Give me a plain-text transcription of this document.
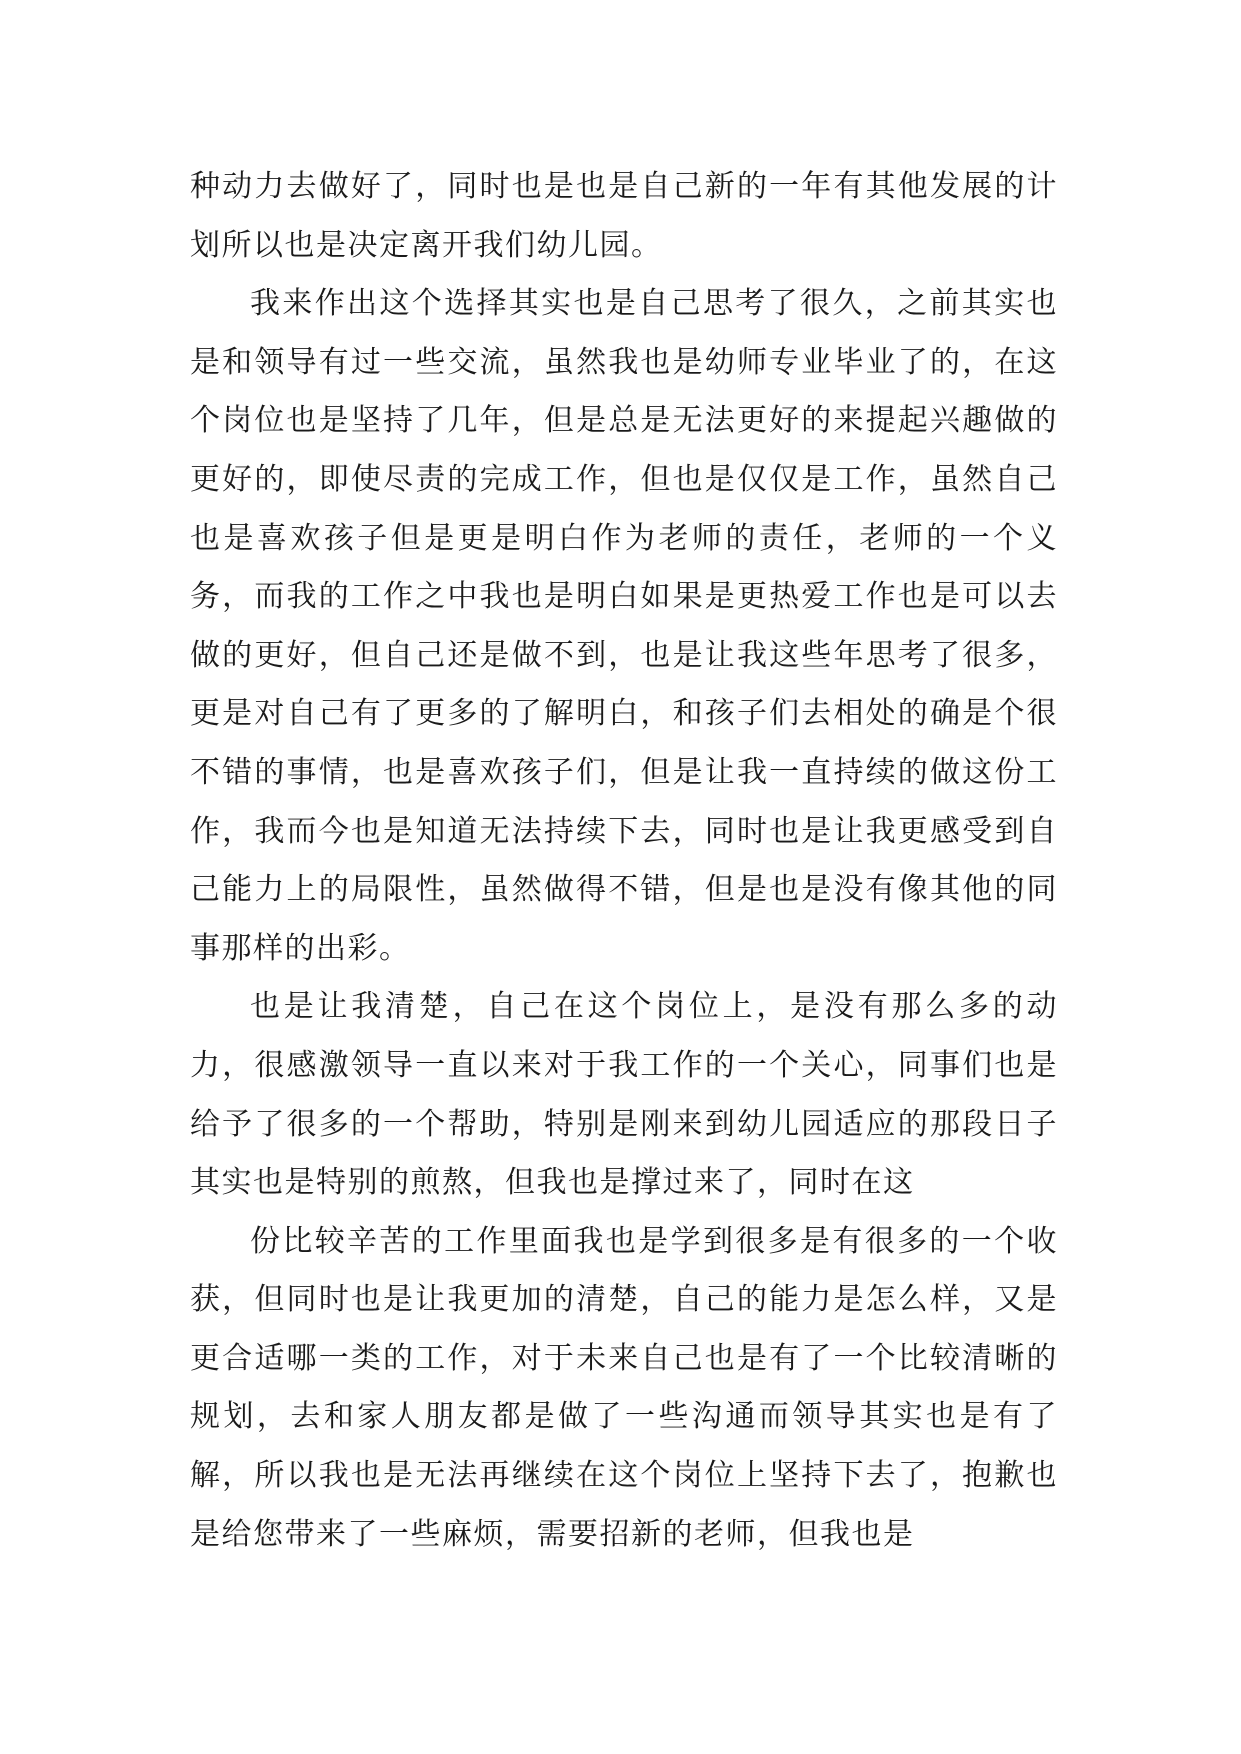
种动力去做好了，同时也是也是自己新的一年有其他发展的计划所以也是决定离开我们幼儿园。

我来作出这个选择其实也是自己思考了很久，之前其实也是和领导有过一些交流，虽然我也是幼师专业毕业了的，在这个岗位也是坚持了几年，但是总是无法更好的来提起兴趣做的更好的，即使尽责的完成工作，但也是仅仅是工作，虽然自己也是喜欢孩子但是更是明白作为老师的责任，老师的一个义务，而我的工作之中我也是明白如果是更热爱工作也是可以去做的更好，但自己还是做不到，也是让我这些年思考了很多，更是对自己有了更多的了解明白，和孩子们去相处的确是个很不错的事情，也是喜欢孩子们，但是让我一直持续的做这份工作，我而今也是知道无法持续下去，同时也是让我更感受到自己能力上的局限性，虽然做得不错，但是也是没有像其他的同事那样的出彩。

也是让我清楚，自己在这个岗位上，是没有那么多的动力，很感激领导一直以来对于我工作的一个关心，同事们也是给予了很多的一个帮助，特别是刚来到幼儿园适应的那段日子其实也是特别的煎熬，但我也是撑过来了，同时在这

份比较辛苦的工作里面我也是学到很多是有很多的一个收获，但同时也是让我更加的清楚，自己的能力是怎么样，又是更合适哪一类的工作，对于未来自己也是有了一个比较清晰的规划，去和家人朋友都是做了一些沟通而领导其实也是有了解，所以我也是无法再继续在这个岗位上坚持下去了，抱歉也是给您带来了一些麻烦，需要招新的老师，但我也是
